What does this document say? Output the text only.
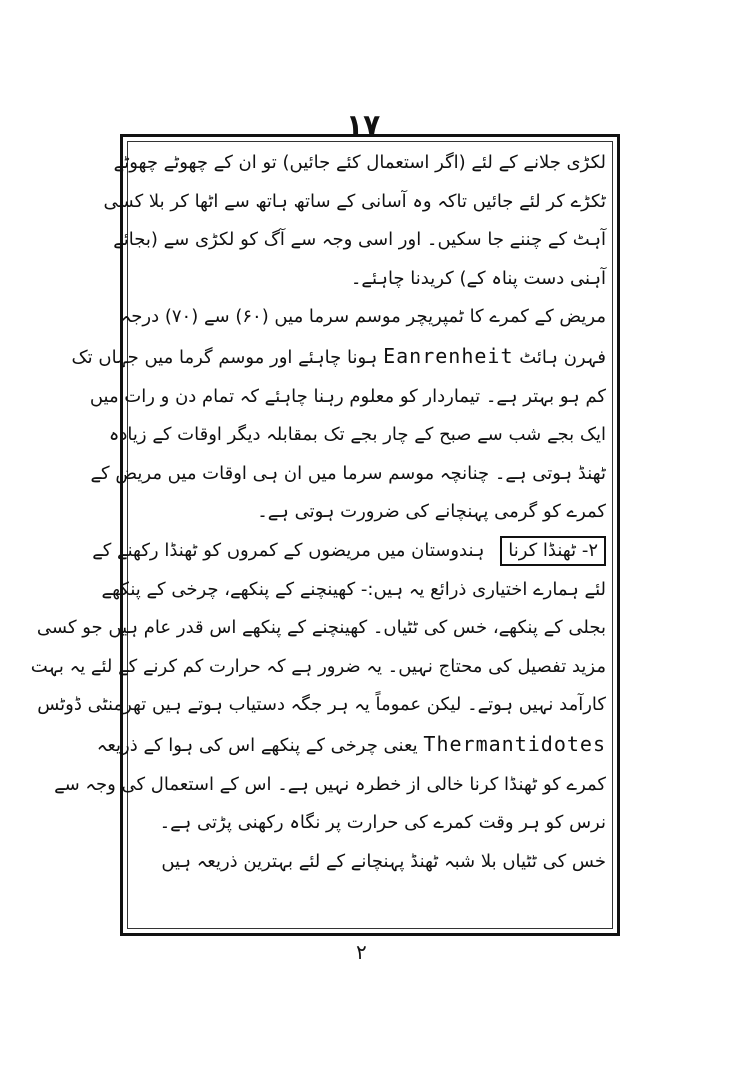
۱۷
لکڑی جلانے کے لئے (اگر استعمال کئے جائیں) تو ان کے چھوٹے چھوٹے
ٹکڑے کر لئے جائیں تاکہ وہ آسانی کے ساتھ ہاتھ سے اٹھا کر بلا کسی
آہٹ کے چننے جا سکیں۔ اور اسی وجہ سے آگ کو لکڑی سے (بجائے
آہنی دست پناہ کے) کریدنا چاہئے۔
مریض کے کمرے کا ٹمپریچر موسم سرما میں (۶۰) سے (۷۰) درجہ
فہرن ہائٹ Eanrenheit ہونا چاہئے اور موسم گرما میں جہاں تک
کم ہو بہتر ہے۔ تیماردار کو معلوم رہنا چاہئے کہ تمام دن و رات میں
ایک بجے شب سے صبح کے چار بجے تک بمقابلہ دیگر اوقات کے زیادہ
ٹھنڈ ہوتی ہے۔ چنانچہ موسم سرما میں ان ہی اوقات میں مریض کے
کمرے کو گرمی پہنچانے کی ضرورت ہوتی ہے۔
۲- ٹھنڈا کرنا ہندوستان میں مریضوں کے کمروں کو ٹھنڈا رکھنے کے
لئے ہمارے اختیاری ذرائع یہ ہیں:- کھینچنے کے پنکھے، چرخی کے پنکھے
بجلی کے پنکھے، خس کی ٹٹیاں۔ کھینچنے کے پنکھے اس قدر عام ہیں جو کسی
مزید تفصیل کی محتاج نہیں۔ یہ ضرور ہے کہ حرارت کم کرنے کے لئے یہ بہت
کارآمد نہیں ہوتے۔ لیکن عموماً یہ ہر جگہ دستیاب ہوتے ہیں تھرمنٹی ڈوٹس
Thermantidotes یعنی چرخی کے پنکھے اس کی ہوا کے ذریعہ
کمرے کو ٹھنڈا کرنا خالی از خطرہ نہیں ہے۔ اس کے استعمال کی وجہ سے
نرس کو ہر وقت کمرے کی حرارت پر نگاہ رکھنی پڑتی ہے۔
خس کی ٹٹیاں بلا شبہ ٹھنڈ پہنچانے کے لئے بہترین ذریعہ ہیں
۲
